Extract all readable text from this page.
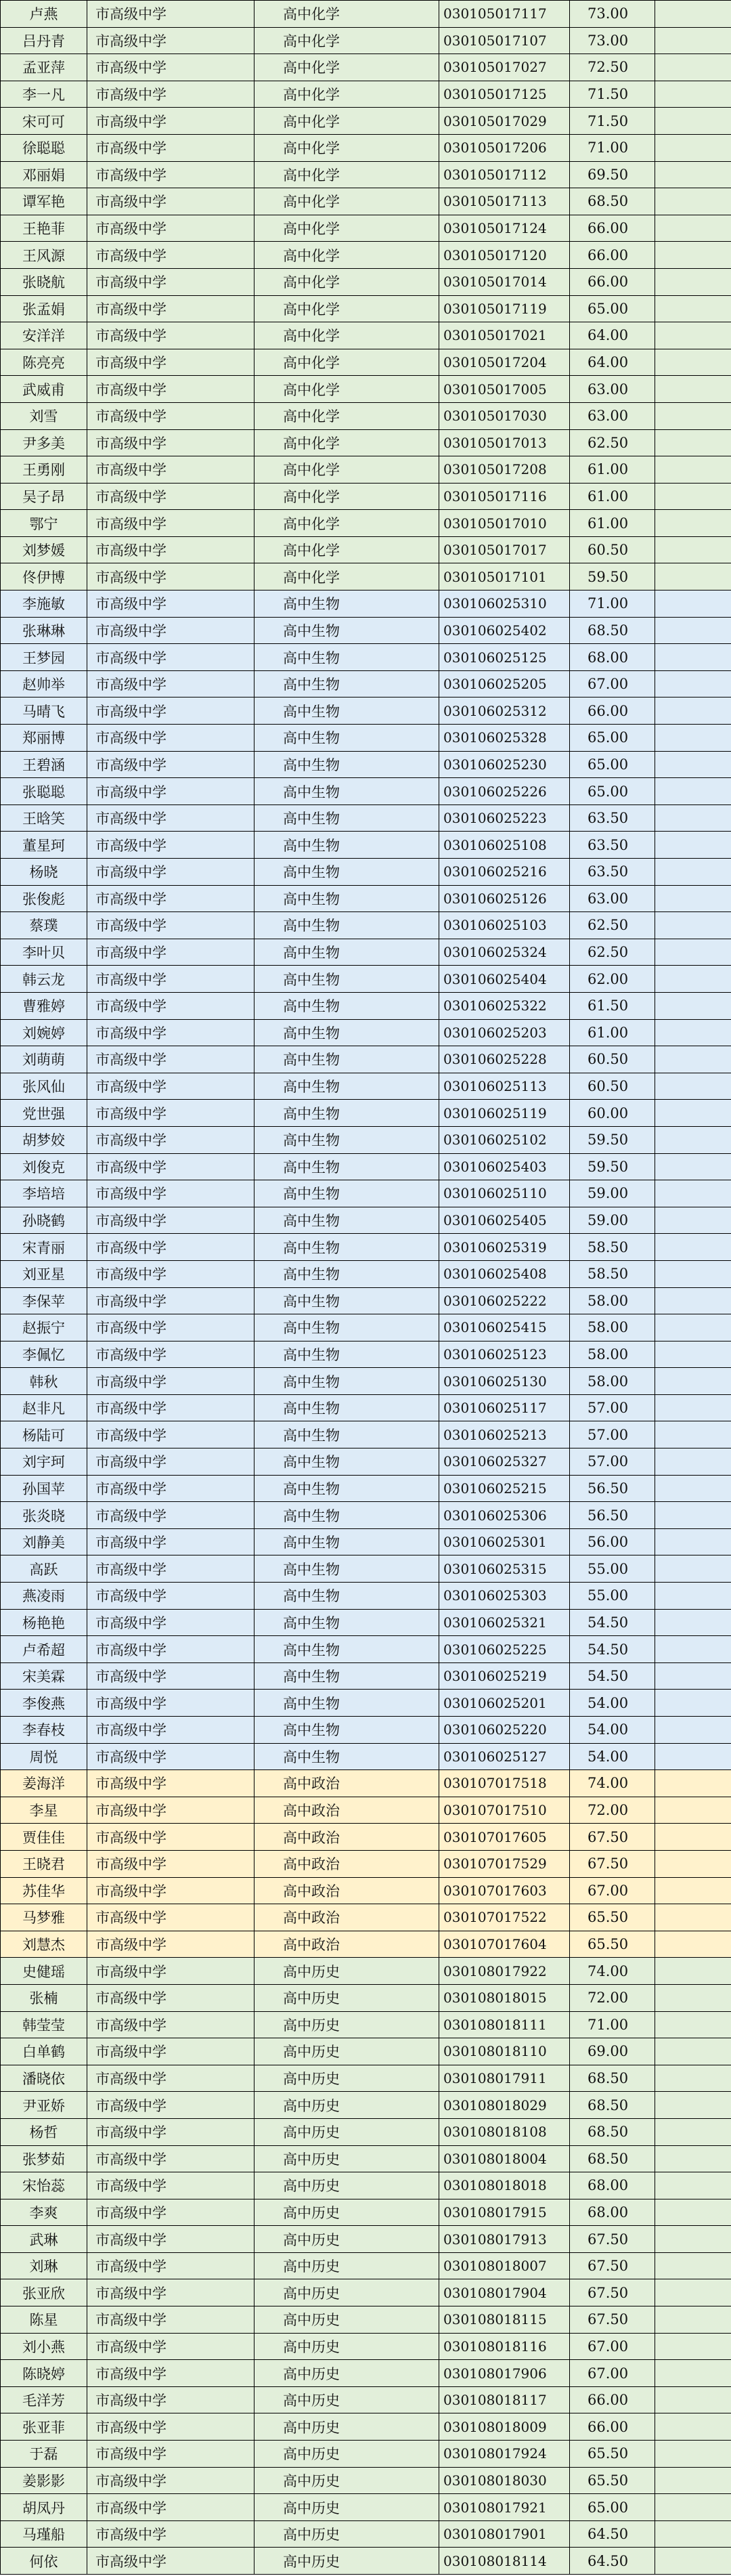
卢燕	市高级中学	高中化学	030105017117	73.00	
吕丹青	市高级中学	高中化学	030105017107	73.00	
孟亚萍	市高级中学	高中化学	030105017027	72.50	
李一凡	市高级中学	高中化学	030105017125	71.50	
宋可可	市高级中学	高中化学	030105017029	71.50	
徐聪聪	市高级中学	高中化学	030105017206	71.00	
邓丽娟	市高级中学	高中化学	030105017112	69.50	
谭军艳	市高级中学	高中化学	030105017113	68.50	
王艳菲	市高级中学	高中化学	030105017124	66.00	
王风源	市高级中学	高中化学	030105017120	66.00	
张晓航	市高级中学	高中化学	030105017014	66.00	
张孟娟	市高级中学	高中化学	030105017119	65.00	
安洋洋	市高级中学	高中化学	030105017021	64.00	
陈亮亮	市高级中学	高中化学	030105017204	64.00	
武威甫	市高级中学	高中化学	030105017005	63.00	
刘雪	市高级中学	高中化学	030105017030	63.00	
尹多美	市高级中学	高中化学	030105017013	62.50	
王勇刚	市高级中学	高中化学	030105017208	61.00	
吴子昂	市高级中学	高中化学	030105017116	61.00	
鄂宁	市高级中学	高中化学	030105017010	61.00	
刘梦媛	市高级中学	高中化学	030105017017	60.50	
佟伊博	市高级中学	高中化学	030105017101	59.50	
李施敏	市高级中学	高中生物	030106025310	71.00	
张琳琳	市高级中学	高中生物	030106025402	68.50	
王梦园	市高级中学	高中生物	030106025125	68.00	
赵帅举	市高级中学	高中生物	030106025205	67.00	
马晴飞	市高级中学	高中生物	030106025312	66.00	
郑丽博	市高级中学	高中生物	030106025328	65.00	
王碧涵	市高级中学	高中生物	030106025230	65.00	
张聪聪	市高级中学	高中生物	030106025226	65.00	
王晗笑	市高级中学	高中生物	030106025223	63.50	
董星珂	市高级中学	高中生物	030106025108	63.50	
杨晓	市高级中学	高中生物	030106025216	63.50	
张俊彪	市高级中学	高中生物	030106025126	63.00	
蔡璞	市高级中学	高中生物	030106025103	62.50	
李叶贝	市高级中学	高中生物	030106025324	62.50	
韩云龙	市高级中学	高中生物	030106025404	62.00	
曹雅婷	市高级中学	高中生物	030106025322	61.50	
刘婉婷	市高级中学	高中生物	030106025203	61.00	
刘萌萌	市高级中学	高中生物	030106025228	60.50	
张风仙	市高级中学	高中生物	030106025113	60.50	
党世强	市高级中学	高中生物	030106025119	60.00	
胡梦姣	市高级中学	高中生物	030106025102	59.50	
刘俊克	市高级中学	高中生物	030106025403	59.50	
李培培	市高级中学	高中生物	030106025110	59.00	
孙晓鹤	市高级中学	高中生物	030106025405	59.00	
宋青丽	市高级中学	高中生物	030106025319	58.50	
刘亚星	市高级中学	高中生物	030106025408	58.50	
李保苹	市高级中学	高中生物	030106025222	58.00	
赵振宁	市高级中学	高中生物	030106025415	58.00	
李佩忆	市高级中学	高中生物	030106025123	58.00	
韩秋	市高级中学	高中生物	030106025130	58.00	
赵非凡	市高级中学	高中生物	030106025117	57.00	
杨陆可	市高级中学	高中生物	030106025213	57.00	
刘宇珂	市高级中学	高中生物	030106025327	57.00	
孙国苹	市高级中学	高中生物	030106025215	56.50	
张炎晓	市高级中学	高中生物	030106025306	56.50	
刘静美	市高级中学	高中生物	030106025301	56.00	
高跃	市高级中学	高中生物	030106025315	55.00	
燕凌雨	市高级中学	高中生物	030106025303	55.00	
杨艳艳	市高级中学	高中生物	030106025321	54.50	
卢希超	市高级中学	高中生物	030106025225	54.50	
宋美霖	市高级中学	高中生物	030106025219	54.50	
李俊燕	市高级中学	高中生物	030106025201	54.00	
李春枝	市高级中学	高中生物	030106025220	54.00	
周悦	市高级中学	高中生物	030106025127	54.00	
姜海洋	市高级中学	高中政治	030107017518	74.00	
李星	市高级中学	高中政治	030107017510	72.00	
贾佳佳	市高级中学	高中政治	030107017605	67.50	
王晓君	市高级中学	高中政治	030107017529	67.50	
苏佳华	市高级中学	高中政治	030107017603	67.00	
马梦雅	市高级中学	高中政治	030107017522	65.50	
刘慧杰	市高级中学	高中政治	030107017604	65.50	
史健瑶	市高级中学	高中历史	030108017922	74.00	
张楠	市高级中学	高中历史	030108018015	72.00	
韩莹莹	市高级中学	高中历史	030108018111	71.00	
白单鹤	市高级中学	高中历史	030108018110	69.00	
潘晓依	市高级中学	高中历史	030108017911	68.50	
尹亚娇	市高级中学	高中历史	030108018029	68.50	
杨哲	市高级中学	高中历史	030108018108	68.50	
张梦茹	市高级中学	高中历史	030108018004	68.50	
宋怡蕊	市高级中学	高中历史	030108018018	68.00	
李爽	市高级中学	高中历史	030108017915	68.00	
武琳	市高级中学	高中历史	030108017913	67.50	
刘琳	市高级中学	高中历史	030108018007	67.50	
张亚欣	市高级中学	高中历史	030108017904	67.50	
陈星	市高级中学	高中历史	030108018115	67.50	
刘小燕	市高级中学	高中历史	030108018116	67.00	
陈晓婷	市高级中学	高中历史	030108017906	67.00	
毛洋芳	市高级中学	高中历史	030108018117	66.00	
张亚菲	市高级中学	高中历史	030108018009	66.00	
于磊	市高级中学	高中历史	030108017924	65.50	
姜影影	市高级中学	高中历史	030108018030	65.50	
胡凤丹	市高级中学	高中历史	030108017921	65.00	
马瑾船	市高级中学	高中历史	030108017901	64.50	
何依	市高级中学	高中历史	030108018114	64.50	
